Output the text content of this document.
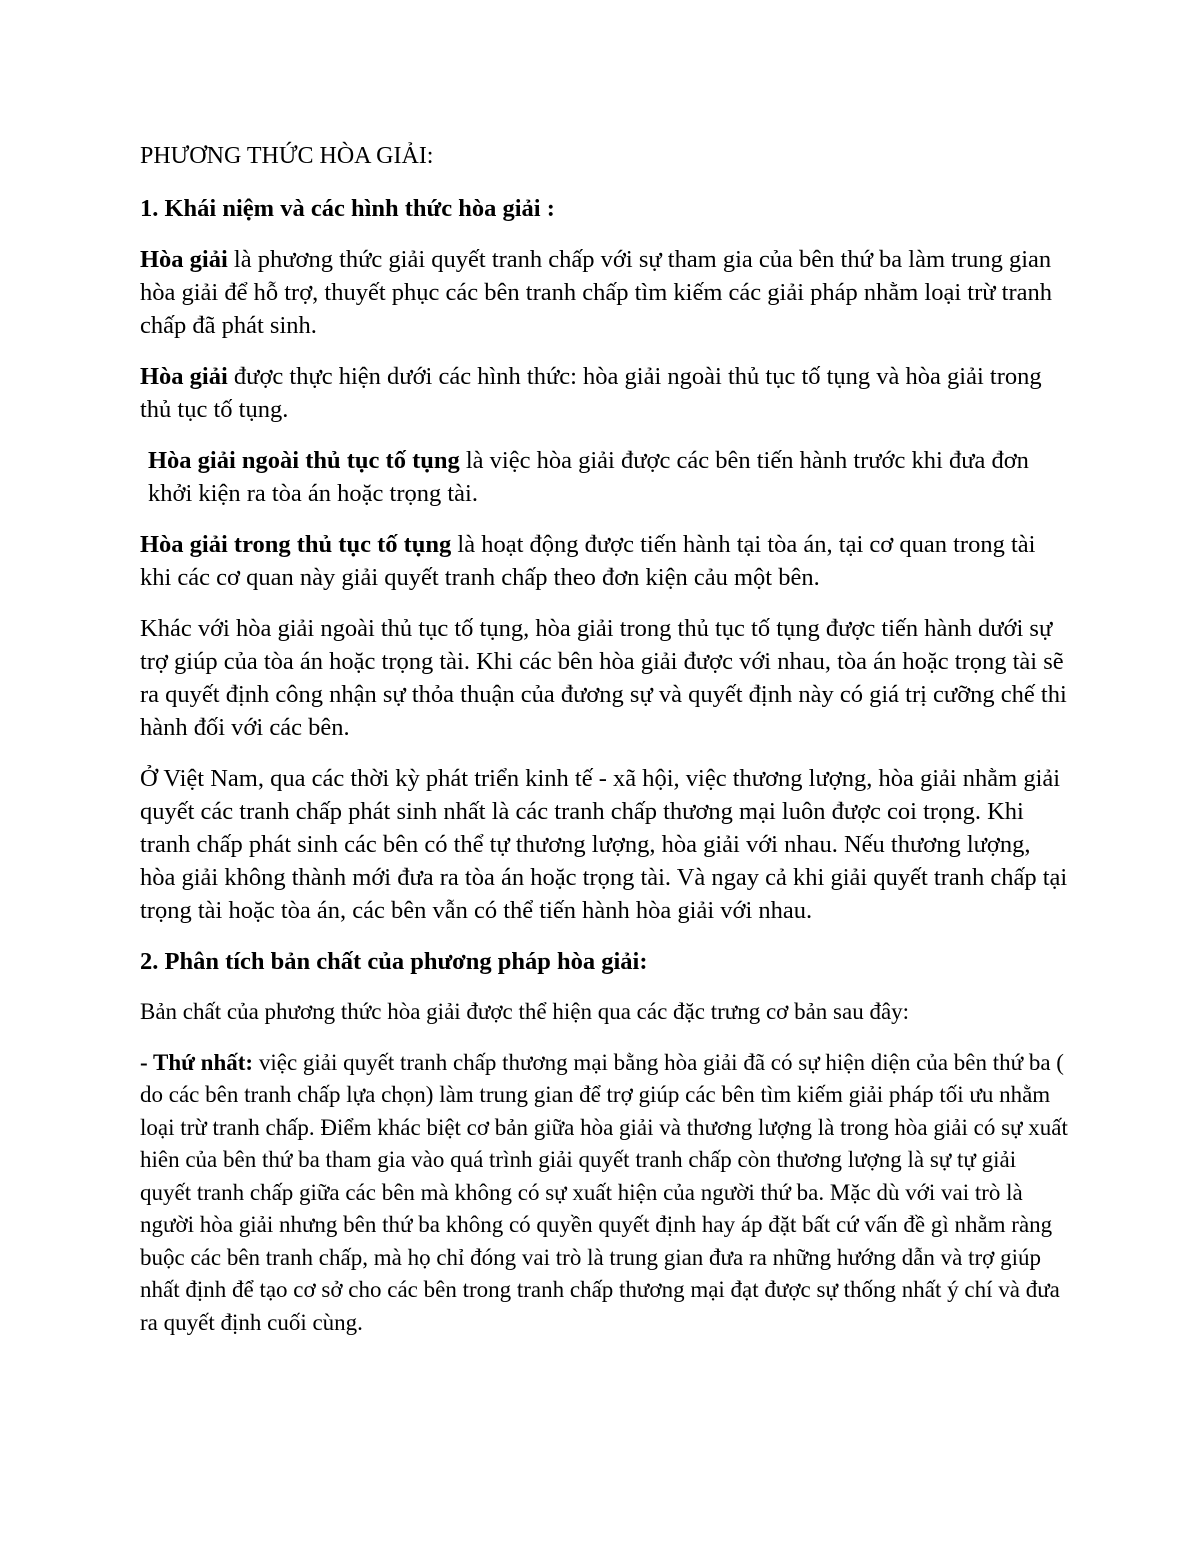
PHƯƠNG THỨC HÒA GIẢI:

1. Khái niệm và các hình thức hòa giải :

Hòa giải là phương thức giải quyết tranh chấp với sự tham gia của bên thứ ba làm trung gian hòa giải để hỗ trợ, thuyết phục các bên tranh chấp tìm kiếm các giải pháp nhằm loại trừ tranh chấp đã phát sinh.

Hòa giải được thực hiện dưới các hình thức: hòa giải ngoài thủ tục tố tụng và hòa giải trong thủ tục tố tụng.

Hòa giải ngoài thủ tục tố tụng là việc hòa giải được các bên tiến hành trước khi đưa đơn khởi kiện ra tòa án hoặc trọng tài.

Hòa giải trong thủ tục tố tụng là hoạt động được tiến hành tại tòa án, tại cơ quan trong tài khi các cơ quan này giải quyết tranh chấp theo đơn kiện cảu một bên.

Khác với hòa giải ngoài thủ tục tố tụng, hòa giải trong thủ tục tố tụng được tiến hành dưới sự trợ giúp của tòa án hoặc trọng tài. Khi các bên hòa giải được với nhau, tòa án hoặc trọng tài sẽ ra quyết định công nhận sự thỏa thuận của đương sự và quyết định này có giá trị cưỡng chế thi hành đối với các bên.

Ở Việt Nam, qua các thời kỳ phát triển kinh tế - xã hội, việc thương lượng, hòa giải nhằm giải quyết các tranh chấp phát sinh nhất là các tranh chấp thương mại luôn được coi trọng. Khi tranh chấp phát sinh các bên có thể tự thương lượng, hòa giải với nhau. Nếu thương lượng, hòa giải không thành mới đưa ra tòa án hoặc trọng tài. Và ngay cả khi giải quyết tranh chấp tại trọng tài hoặc tòa án, các bên vẫn có thể tiến hành hòa giải với nhau.

2. Phân tích bản chất của phương pháp hòa giải:

Bản chất của phương thức hòa giải được thể hiện qua các đặc trưng cơ bản sau đây:

- Thứ nhất: việc giải quyết tranh chấp thương mại bằng hòa giải đã có sự hiện diện của bên thứ ba ( do các bên tranh chấp lựa chọn) làm trung gian để trợ giúp các bên tìm kiếm giải pháp tối ưu nhằm loại trừ tranh chấp. Điểm khác biệt cơ bản giữa hòa giải và thương lượng là trong hòa giải có sự xuất hiên của bên thứ ba tham gia vào quá trình giải quyết tranh chấp còn thương lượng là sự tự giải quyết tranh chấp giữa các bên mà không có sự xuất hiện của người thứ ba. Mặc dù với vai trò là người hòa giải nhưng bên thứ ba không có quyền quyết định hay áp đặt bất cứ vấn đề gì nhằm ràng buộc các bên tranh chấp, mà họ chỉ đóng vai trò là trung gian đưa ra những hướng dẫn và trợ giúp nhất định để tạo cơ sở cho các bên trong tranh chấp thương mại đạt được sự thống nhất ý chí và đưa ra quyết định cuối cùng.
